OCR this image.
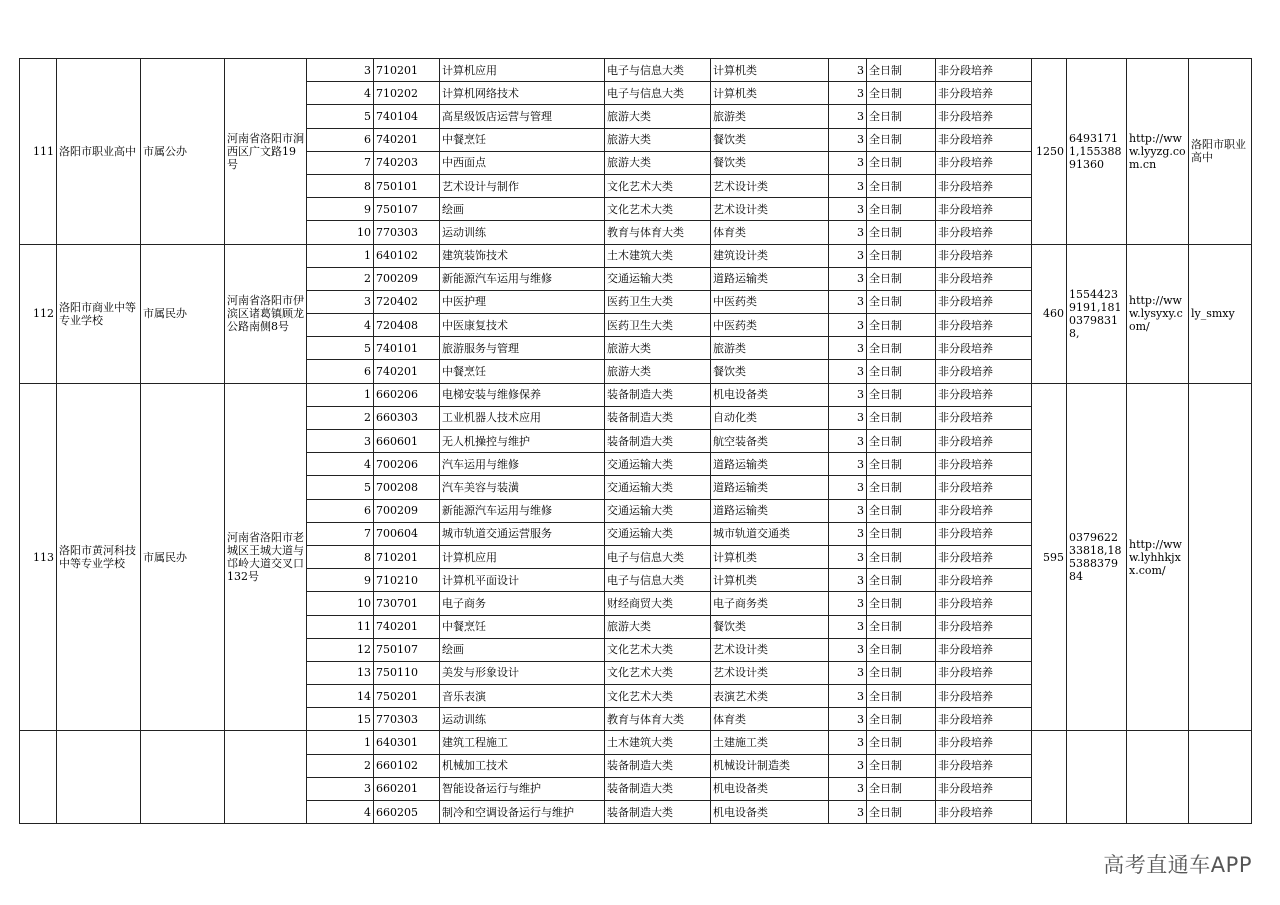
111	洛阳市职业高中	市属公办	河南省洛阳市涧西区广文路19号	3	710201	计算机应用	电子与信息大类	计算机类	3	全日制	非分段培养	1250	64931711,15538891360	http://www.lyyzg.com.cn	洛阳市职业高中
				4	710202	计算机网络技术	电子与信息大类	计算机类	3	全日制	非分段培养				
				5	740104	高星级饭店运营与管理	旅游大类	旅游类	3	全日制	非分段培养				
				6	740201	中餐烹饪	旅游大类	餐饮类	3	全日制	非分段培养				
				7	740203	中西面点	旅游大类	餐饮类	3	全日制	非分段培养				
				8	750101	艺术设计与制作	文化艺术大类	艺术设计类	3	全日制	非分段培养				
				9	750107	绘画	文化艺术大类	艺术设计类	3	全日制	非分段培养				
				10	770303	运动训练	教育与体育大类	体育类	3	全日制	非分段培养				
112	洛阳市商业中等专业学校	市属民办	河南省洛阳市伊滨区诸葛镇顾龙公路南侧8号	1	640102	建筑装饰技术	土木建筑大类	建筑设计类	3	全日制	非分段培养	460	15544239191,18103798318,	http://www.lysyxy.com/	ly_smxy
				2	700209	新能源汽车运用与维修	交通运输大类	道路运输类	3	全日制	非分段培养				
				3	720402	中医护理	医药卫生大类	中医药类	3	全日制	非分段培养				
				4	720408	中医康复技术	医药卫生大类	中医药类	3	全日制	非分段培养				
				5	740101	旅游服务与管理	旅游大类	旅游类	3	全日制	非分段培养				
				6	740201	中餐烹饪	旅游大类	餐饮类	3	全日制	非分段培养				
113	洛阳市黄河科技中等专业学校	市属民办	河南省洛阳市老城区王城大道与邙岭大道交叉口132号	1	660206	电梯安装与维修保养	装备制造大类	机电设备类	3	全日制	非分段培养	595	037962233818,18538837984	http://www.lyhhkjxx.com/	
				2	660303	工业机器人技术应用	装备制造大类	自动化类	3	全日制	非分段培养				
				3	660601	无人机操控与维护	装备制造大类	航空装备类	3	全日制	非分段培养				
				4	700206	汽车运用与维修	交通运输大类	道路运输类	3	全日制	非分段培养				
				5	700208	汽车美容与装潢	交通运输大类	道路运输类	3	全日制	非分段培养				
				6	700209	新能源汽车运用与维修	交通运输大类	道路运输类	3	全日制	非分段培养				
				7	700604	城市轨道交通运营服务	交通运输大类	城市轨道交通类	3	全日制	非分段培养				
				8	710201	计算机应用	电子与信息大类	计算机类	3	全日制	非分段培养				
				9	710210	计算机平面设计	电子与信息大类	计算机类	3	全日制	非分段培养				
				10	730701	电子商务	财经商贸大类	电子商务类	3	全日制	非分段培养				
				11	740201	中餐烹饪	旅游大类	餐饮类	3	全日制	非分段培养				
				12	750107	绘画	文化艺术大类	艺术设计类	3	全日制	非分段培养				
				13	750110	美发与形象设计	文化艺术大类	艺术设计类	3	全日制	非分段培养				
				14	750201	音乐表演	文化艺术大类	表演艺术类	3	全日制	非分段培养				
				15	770303	运动训练	教育与体育大类	体育类	3	全日制	非分段培养				
				1	640301	建筑工程施工	土木建筑大类	土建施工类	3	全日制	非分段培养				
				2	660102	机械加工技术	装备制造大类	机械设计制造类	3	全日制	非分段培养				
				3	660201	智能设备运行与维护	装备制造大类	机电设备类	3	全日制	非分段培养				
				4	660205	制冷和空调设备运行与维护	装备制造大类	机电设备类	3	全日制	非分段培养				
高考直通车APP
